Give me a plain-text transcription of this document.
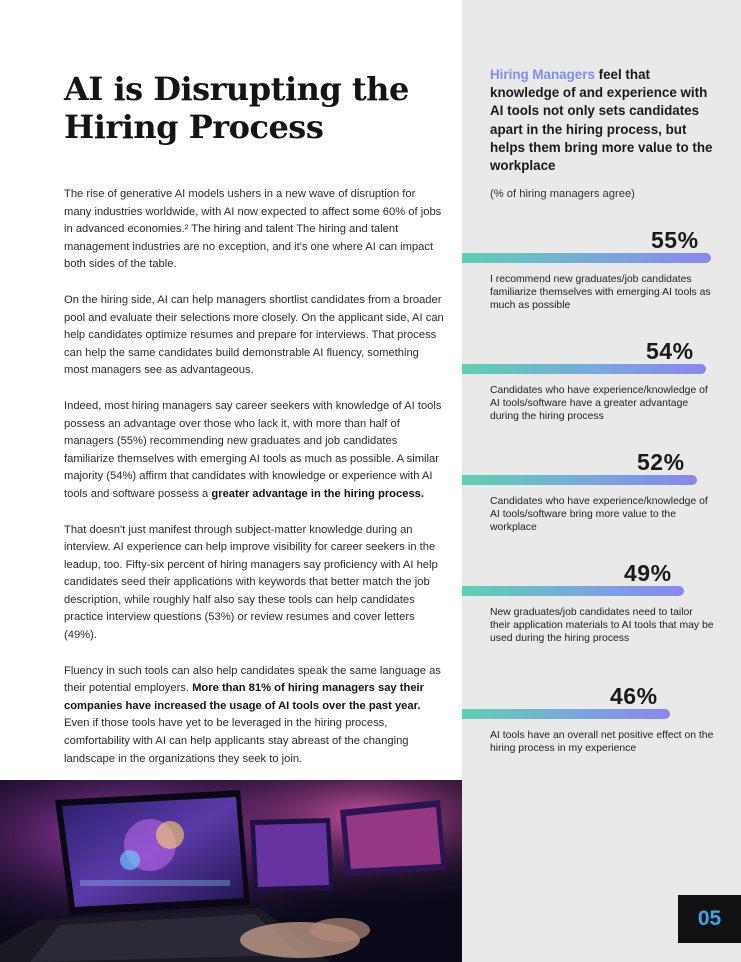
AI is Disrupting the
Hiring Process

The rise of generative AI models ushers in a new wave of disruption for many industries worldwide, with AI now expected to affect some 60% of jobs in advanced economies.² The hiring and talent The hiring and talent management industries are no exception, and it's one where AI can impact both sides of the table.

On the hiring side, AI can help managers shortlist candidates from a broader pool and evaluate their selections more closely. On the applicant side, AI can help candidates optimize resumes and prepare for interviews. That process can help the same candidates build demonstrable AI fluency, something most managers see as advantageous.

Indeed, most hiring managers say career seekers with knowledge of AI tools possess an advantage over those who lack it, with more than half of managers (55%) recommending new graduates and job candidates familiarize themselves with emerging AI tools as much as possible. A similar majority (54%) affirm that candidates with knowledge or experience with AI tools and software possess a greater advantage in the hiring process.

That doesn't just manifest through subject-matter knowledge during an interview. AI experience can help improve visibility for career seekers in the leadup, too. Fifty-six percent of hiring managers say proficiency with AI help candidates seed their applications with keywords that better match the job description, while roughly half also say these tools can help candidates practice interview questions (53%) or review resumes and cover letters (49%).

Fluency in such tools can also help candidates speak the same language as their potential employers. More than 81% of hiring managers say their companies have increased the usage of AI tools over the past year. Even if those tools have yet to be leveraged in the hiring process, comfortability with AI can help applicants stay abreast of the changing landscape in the organizations they seek to join.

Hiring Managers feel that knowledge of and experience with AI tools not only sets candidates apart in the hiring process, but helps them bring more value to the workplace
(% of hiring managers agree)
55%
I recommend new graduates/job candidates familiarize themselves with emerging AI tools as much as possible
54%
Candidates who have experience/knowledge of AI tools/software have a greater advantage during the hiring process
52%
Candidates who have experience/knowledge of AI tools/software bring more value to the workplace
49%
New graduates/job candidates need to tailor their application materials to AI tools that may be used during the hiring process
46%
AI tools have an overall net positive effect on the hiring process in my experience
05
